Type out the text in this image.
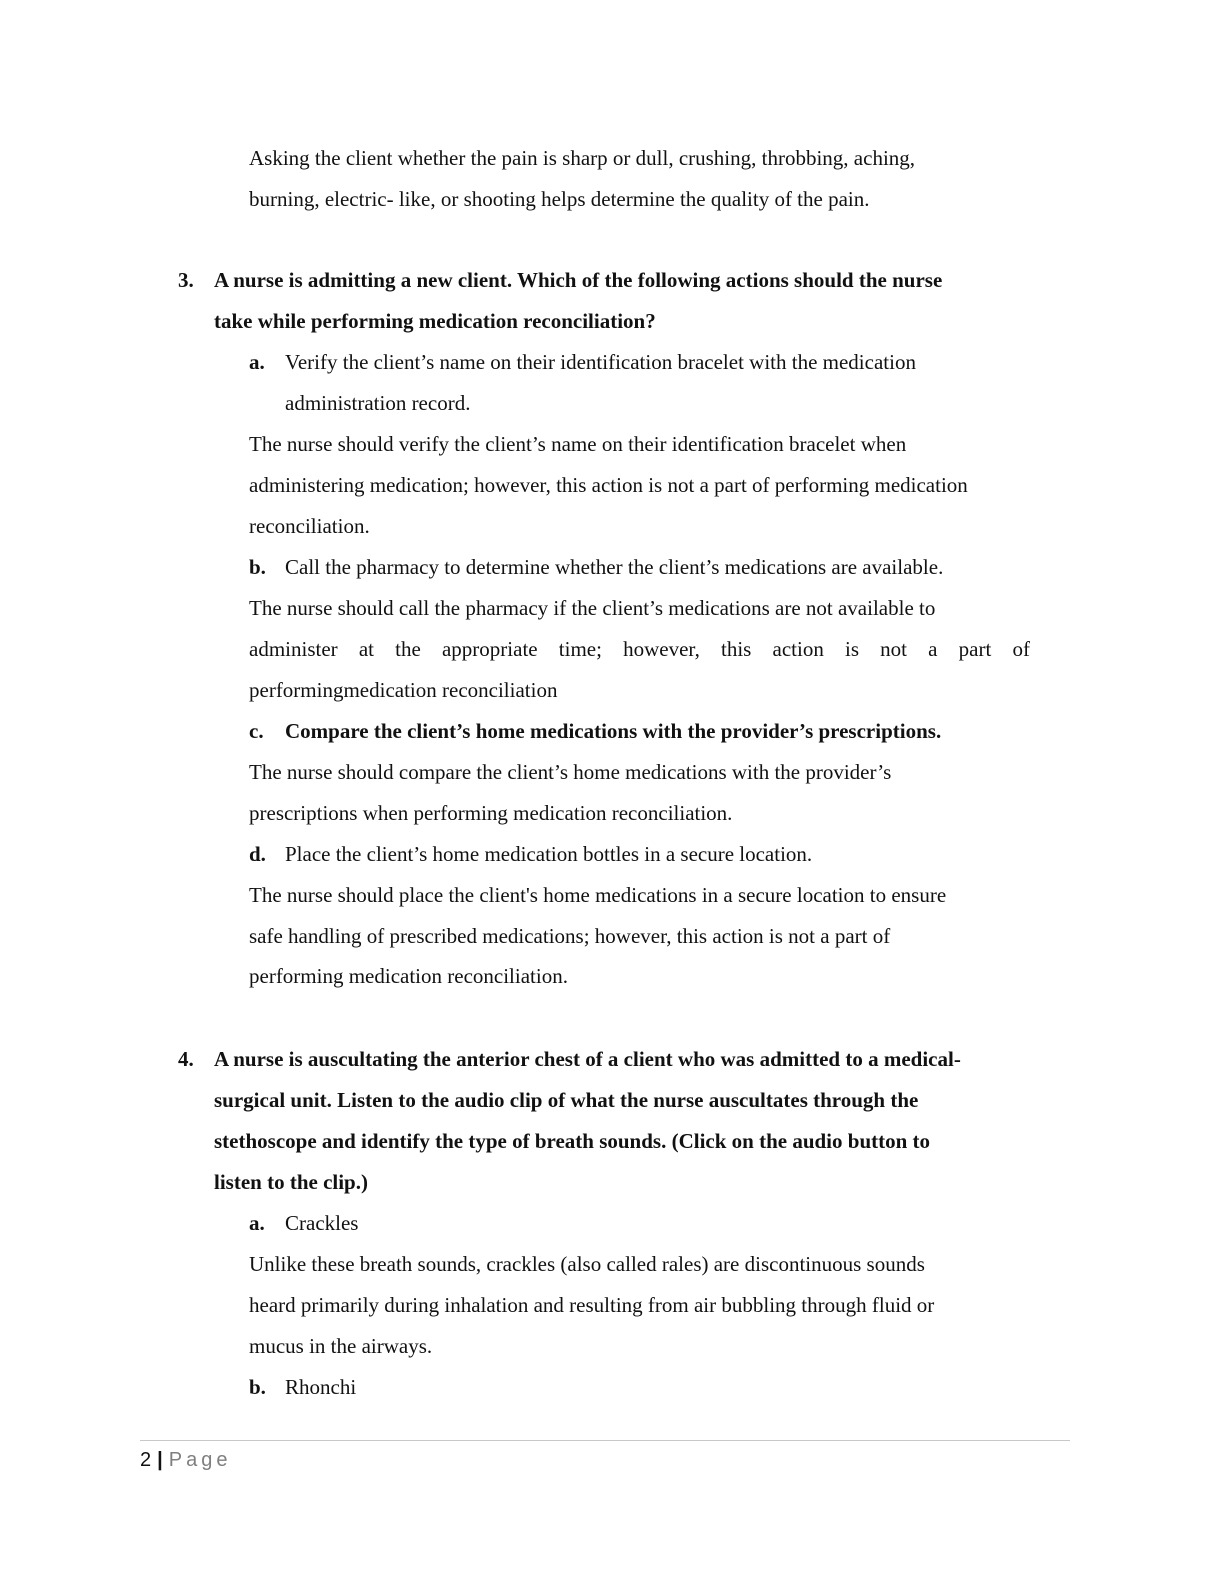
Asking the client whether the pain is sharp or dull, crushing, throbbing, aching,
burning, electric- like, or shooting helps determine the quality of the pain.
3. A nurse is admitting a new client. Which of the following actions should the nurse
take while performing medication reconciliation?
a. Verify the client’s name on their identification bracelet with the medication
administration record.
The nurse should verify the client’s name on their identification bracelet when
administering medication; however, this action is not a part of performing medication
reconciliation.
b. Call the pharmacy to determine whether the client’s medications are available.
The nurse should call the pharmacy if the client’s medications are not available to
administer at the appropriate time; however, this action is not a part of
performingmedication reconciliation
c. Compare the client’s home medications with the provider’s prescriptions.
The nurse should compare the client’s home medications with the provider’s
prescriptions when performing medication reconciliation.
d. Place the client’s home medication bottles in a secure location.
The nurse should place the client's home medications in a secure location to ensure
safe handling of prescribed medications; however, this action is not a part of
performing medication reconciliation.
4. A nurse is auscultating the anterior chest of a client who was admitted to a medical-
surgical unit. Listen to the audio clip of what the nurse auscultates through the
stethoscope and identify the type of breath sounds. (Click on the audio button to
listen to the clip.)
a. Crackles
Unlike these breath sounds, crackles (also called rales) are discontinuous sounds
heard primarily during inhalation and resulting from air bubbling through fluid or
mucus in the airways.
b. Rhonchi
2 | Page
